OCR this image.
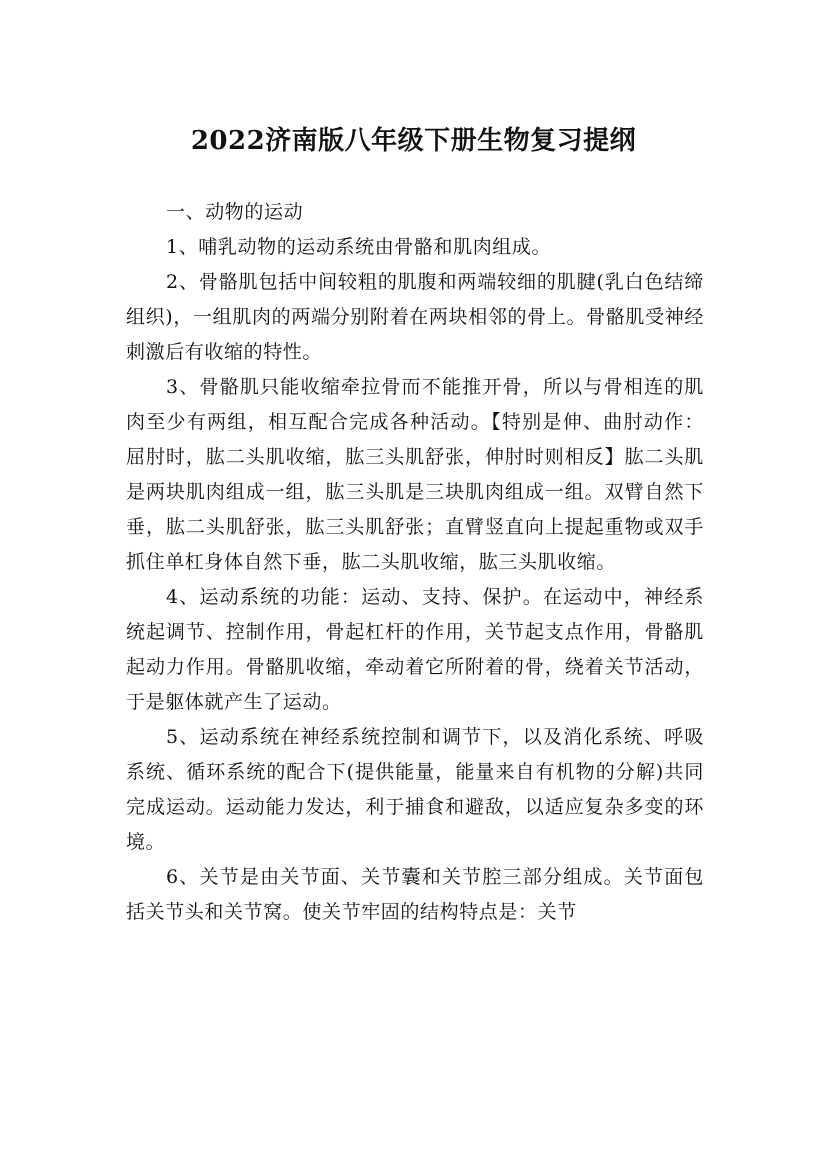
2022济南版八年级下册生物复习提纲

一、动物的运动

1、哺乳动物的运动系统由骨骼和肌肉组成。

2、骨骼肌包括中间较粗的肌腹和两端较细的肌腱(乳白色结缔组织)，一组肌肉的两端分别附着在两块相邻的骨上。骨骼肌受神经刺激后有收缩的特性。

3、骨骼肌只能收缩牵拉骨而不能推开骨，所以与骨相连的肌肉至少有两组，相互配合完成各种活动。【特别是伸、曲肘动作：屈肘时，肱二头肌收缩，肱三头肌舒张，伸肘时则相反】肱二头肌是两块肌肉组成一组，肱三头肌是三块肌肉组成一组。双臂自然下垂，肱二头肌舒张，肱三头肌舒张；直臂竖直向上提起重物或双手抓住单杠身体自然下垂，肱二头肌收缩，肱三头肌收缩。

4、运动系统的功能：运动、支持、保护。在运动中，神经系统起调节、控制作用，骨起杠杆的作用，关节起支点作用，骨骼肌起动力作用。骨骼肌收缩，牵动着它所附着的骨，绕着关节活动，于是躯体就产生了运动。

5、运动系统在神经系统控制和调节下，以及消化系统、呼吸系统、循环系统的配合下(提供能量，能量来自有机物的分解)共同完成运动。运动能力发达，利于捕食和避敌，以适应复杂多变的环境。

6、关节是由关节面、关节囊和关节腔三部分组成。关节面包括关节头和关节窝。使关节牢固的结构特点是：关节
